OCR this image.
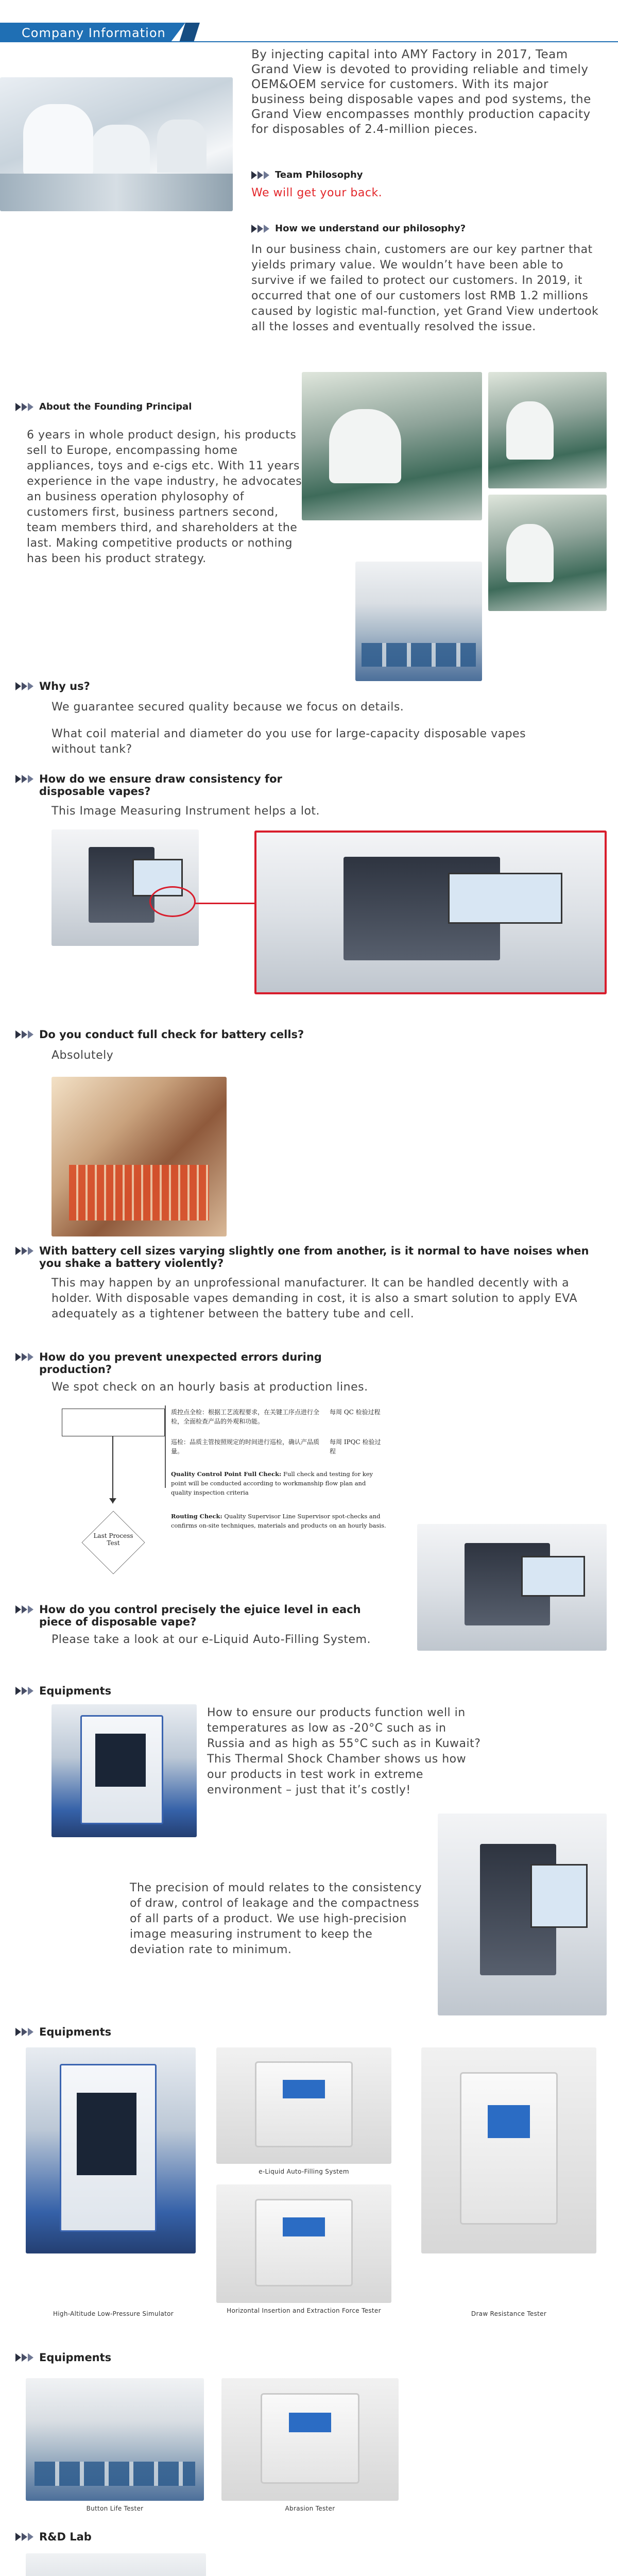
Company Information
By injecting capital into AMY Factory in 2017, Team Grand View is devoted to providing reliable and timely OEM&OEM service for customers. With its major business being disposable vapes and pod systems, the Grand View encompasses monthly production capacity for disposables of 2.4-million pieces.
Team Philosophy
We will get your back.
How we understand our philosophy?
In our business chain, customers are our key partner that yields primary value. We wouldn’t have been able to survive if we failed to protect our customers. In 2019, it occurred that one of our customers lost RMB 1.2 millions caused by logistic mal-function, yet Grand View undertook all the losses and eventually resolved the issue.
About the Founding Principal
6 years in whole product design, his products sell to Europe, encompassing home appliances, toys and e-cigs etc. With 11 years experience in the vape industry, he advocates an business operation phylosophy of customers first, business partners second, team members third, and shareholders at the last. Making competitive products or nothing has been his product strategy.
Why us?
We guarantee secured quality because we focus on details.
What coil material and diameter do you use for large-capacity disposable vapes without tank?
How do we ensure draw consistency for disposable vapes?
This Image Measuring Instrument helps a lot.
Do you conduct full check for battery cells?
Absolutely
With battery cell sizes varying slightly one from another, is it normal to have noises when you shake a battery violently?
This may happen by an unprofessional manufacturer. It can be handled decently with a holder. With disposable vapes demanding in cost, it is also a smart solution to apply EVA adequately as a tightener between the battery tube and cell.
How do you prevent unexpected errors during production?
We spot check on an hourly basis at production lines.
Last Process Test
质控点全检：根据工艺流程要求，在关键工序点进行全检，全面检查产品的外观和功能。
巡检：品质主管按照规定的时间进行巡检，确认产品质量。
每周 QC 检验过程
每周 IPQC 检验过程
Quality Control Point Full Check: Full check and testing for key point will be conducted according to workmanship flow plan and quality inspection criteria
Routing Check: Quality Supervisor Line Supervisor spot-checks and confirms on-site techniques, materials and products on an hourly basis.
How do you control precisely the ejuice level in each piece of disposable vape?
Please take a look at our e-Liquid Auto-Filling System.
Equipments
How to ensure our products function well in temperatures as low as -20°C such as in Russia and as high as 55°C such as in Kuwait? This Thermal Shock Chamber shows us how our products in test work in extreme environment – just that it’s costly!
The precision of mould relates to the consistency of draw, control of leakage and the compactness of all parts of a product. We use high-precision image measuring instrument to keep the deviation rate to minimum.
Equipments
High-Altitude Low-Pressure Simulator
e-Liquid Auto-Filling System
Horizontal Insertion and Extraction Force Tester	Draw Resistance Tester
Equipments
Button Life Tester	Abrasion Tester
R&D Lab
